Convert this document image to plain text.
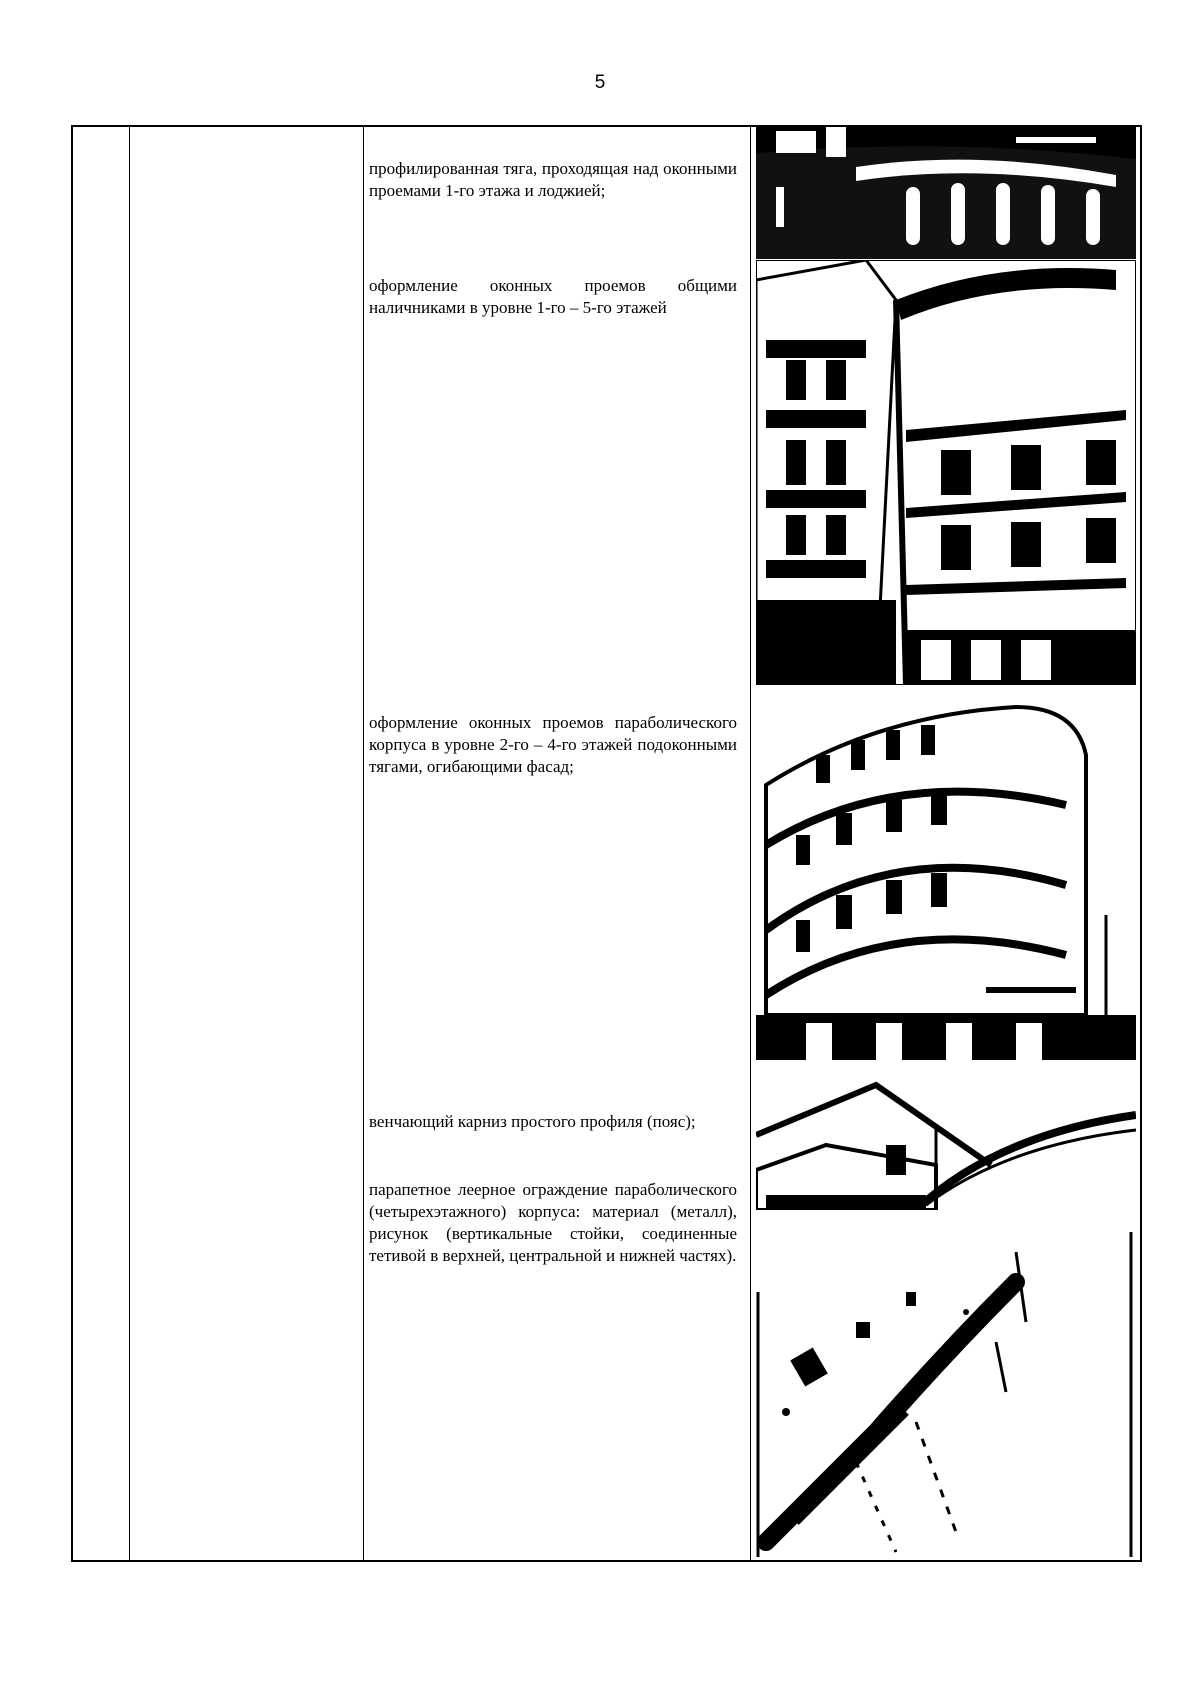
5
профилированная тяга, проходящая над оконными проемами 1-го этажа и лоджией;
оформление оконных проемов общими наличниками в уровне 1-го – 5-го этажей
оформление оконных проемов параболического корпуса в уровне 2-го – 4-го этажей подоконными тягами, огибающими фасад;
венчающий карниз простого профиля (пояс);
парапетное леерное ограждение параболического (четырехэтажного) корпуса: материал (металл), рисунок (вертикальные стойки, соединенные тетивой в верхней, центральной и нижней частях).
